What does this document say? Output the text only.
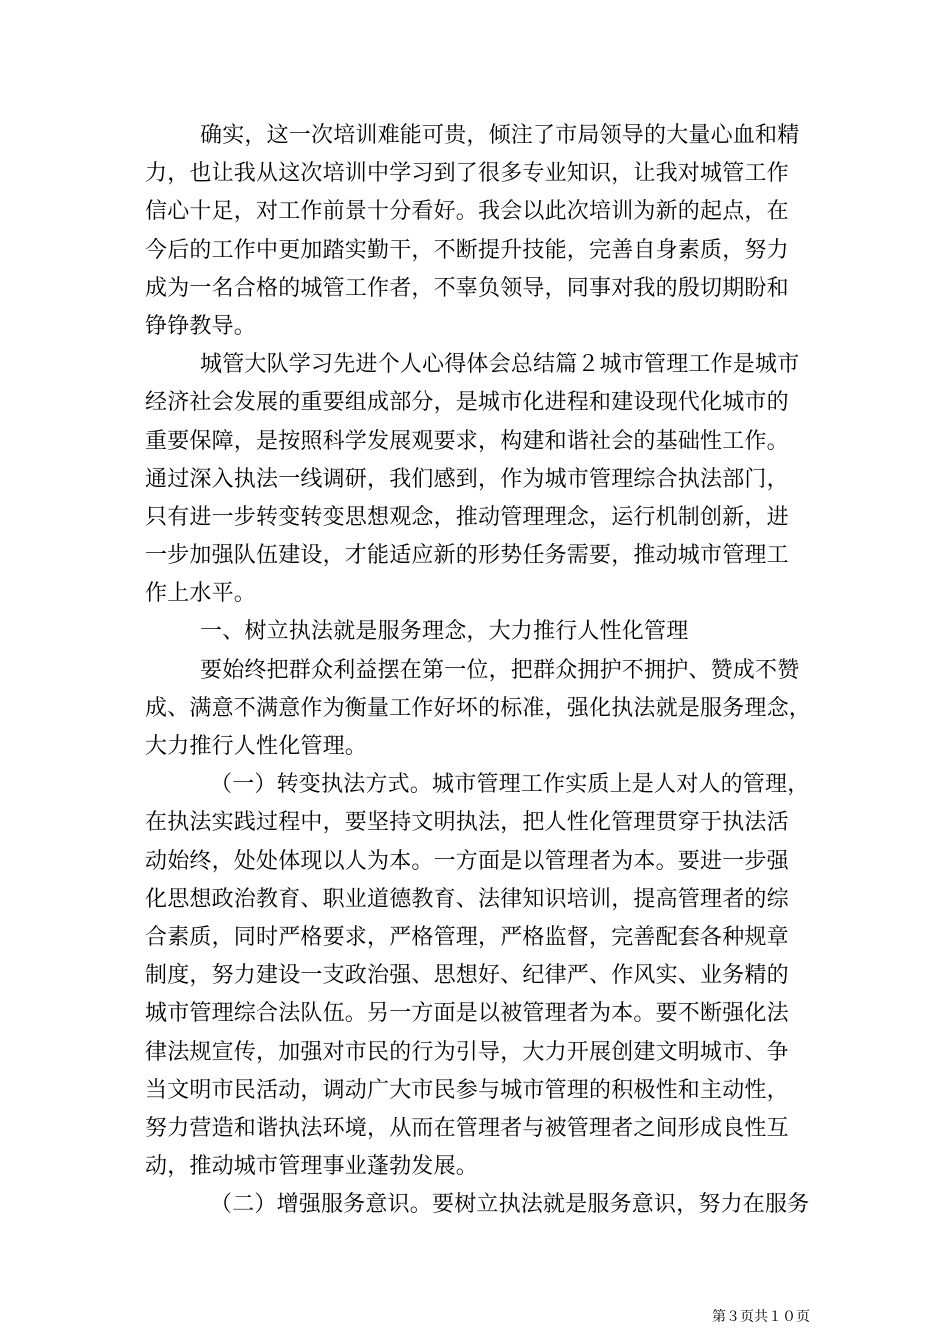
确实，这一次培训难能可贵，倾注了市局领导的大量心血和精
力，也让我从这次培训中学习到了很多专业知识，让我对城管工作
信心十足，对工作前景十分看好。我会以此次培训为新的起点，在
今后的工作中更加踏实勤干，不断提升技能，完善自身素质，努力
成为一名合格的城管工作者，不辜负领导，同事对我的殷切期盼和
铮铮教导。
城管大队学习先进个人心得体会总结篇２城市管理工作是城市
经济社会发展的重要组成部分，是城市化进程和建设现代化城市的
重要保障，是按照科学发展观要求，构建和谐社会的基础性工作。
通过深入执法一线调研，我们感到，作为城市管理综合执法部门，
只有进一步转变转变思想观念，推动管理理念，运行机制创新，进
一步加强队伍建设，才能适应新的形势任务需要，推动城市管理工
作上水平。
一、树立执法就是服务理念，大力推行人性化管理
要始终把群众利益摆在第一位，把群众拥护不拥护、赞成不赞
成、满意不满意作为衡量工作好坏的标准，强化执法就是服务理念，
大力推行人性化管理。
（一）转变执法方式。城市管理工作实质上是人对人的管理，
在执法实践过程中，要坚持文明执法，把人性化管理贯穿于执法活
动始终，处处体现以人为本。一方面是以管理者为本。要进一步强
化思想政治教育、职业道德教育、法律知识培训，提高管理者的综
合素质，同时严格要求，严格管理，严格监督，完善配套各种规章
制度，努力建设一支政治强、思想好、纪律严、作风实、业务精的
城市管理综合法队伍。另一方面是以被管理者为本。要不断强化法
律法规宣传，加强对市民的行为引导，大力开展创建文明城市、争
当文明市民活动，调动广大市民参与城市管理的积极性和主动性，
努力营造和谐执法环境，从而在管理者与被管理者之间形成良性互
动，推动城市管理事业蓬勃发展。
（二）增强服务意识。要树立执法就是服务意识，努力在服务
第３页共１０页
